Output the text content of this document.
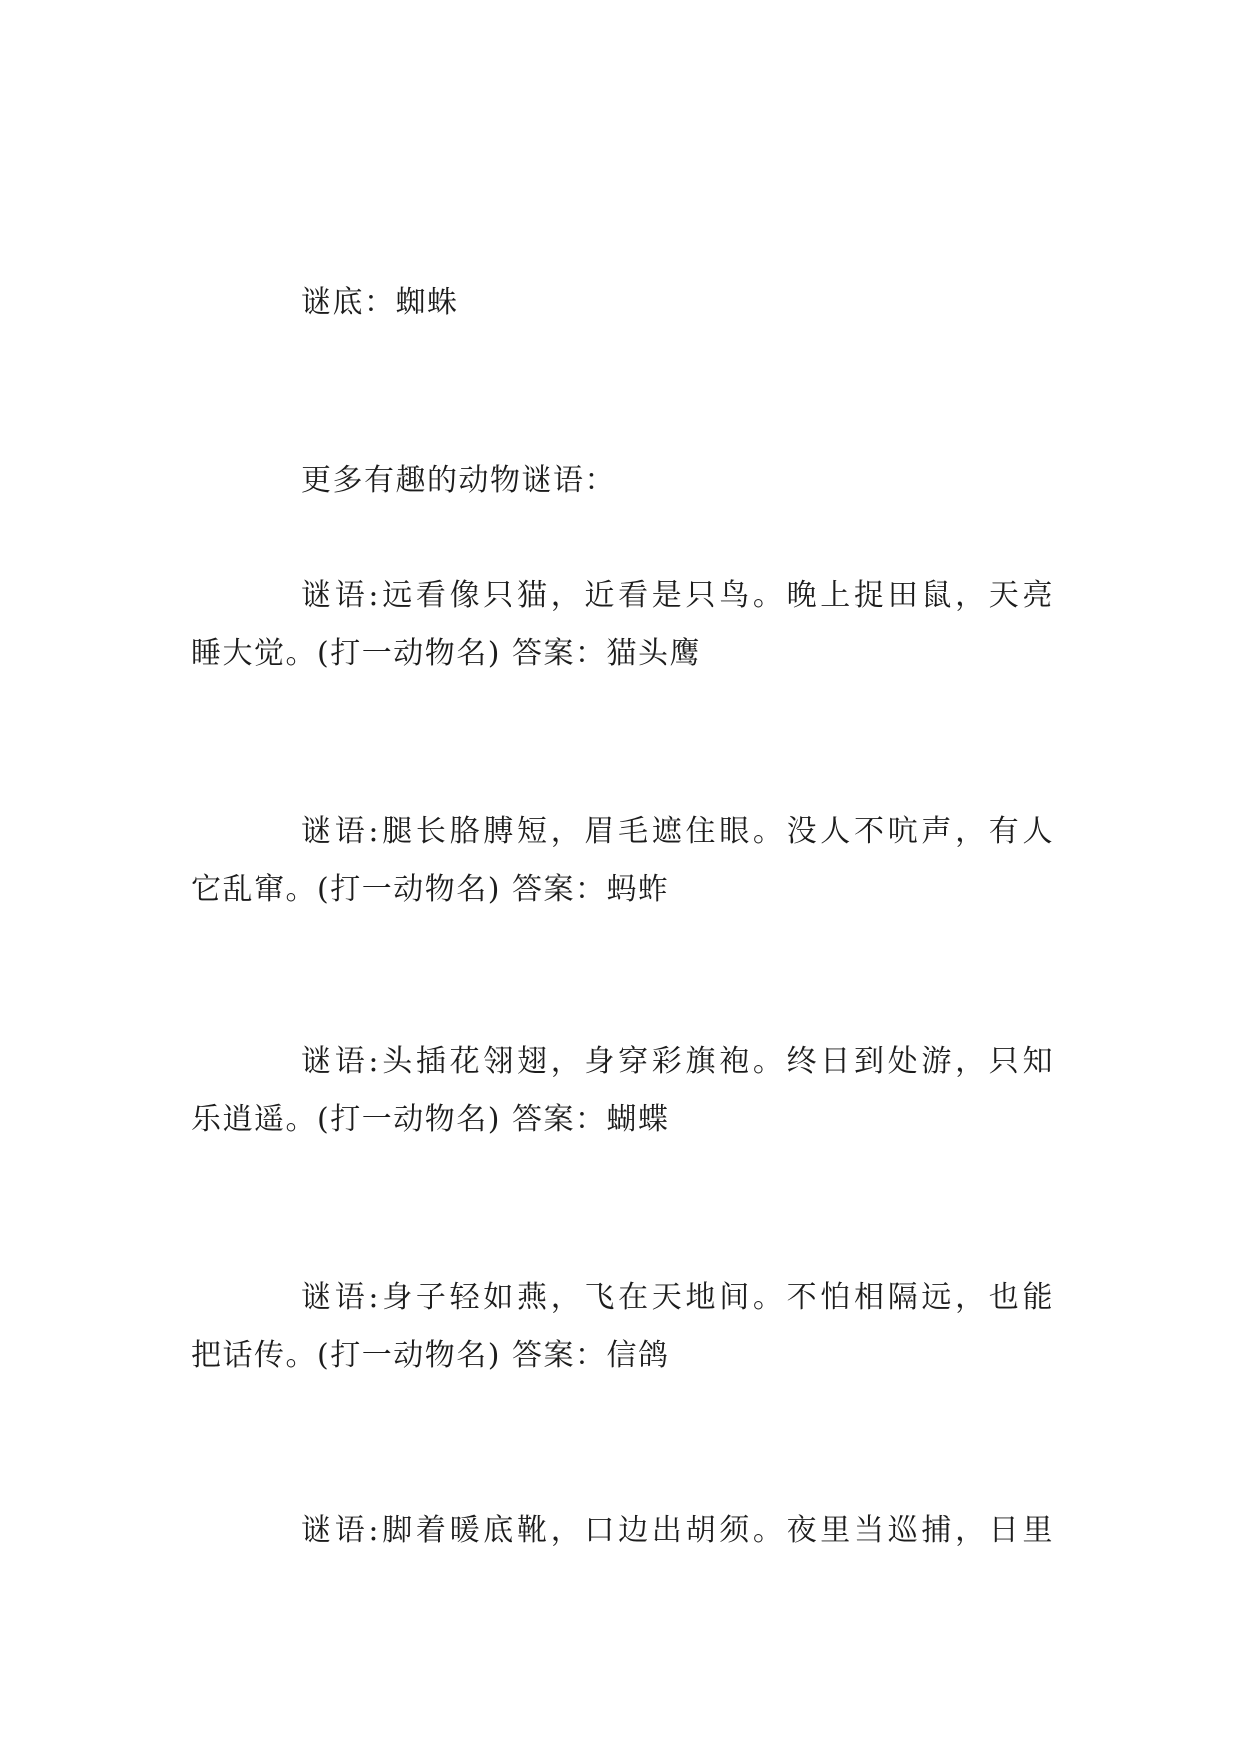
谜底：蜘蛛
更多有趣的动物谜语：
谜语:远看像只猫，近看是只鸟。晚上捉田鼠，天亮
睡大觉。(打一动物名) 答案：猫头鹰
谜语:腿长胳膊短，眉毛遮住眼。没人不吭声，有人
它乱窜。(打一动物名) 答案：蚂蚱
谜语:头插花翎翅，身穿彩旗袍。终日到处游，只知
乐逍遥。(打一动物名) 答案：蝴蝶
谜语:身子轻如燕，飞在天地间。不怕相隔远，也能
把话传。(打一动物名) 答案：信鸽
谜语:脚着暖底靴，口边出胡须。夜里当巡捕，日里
